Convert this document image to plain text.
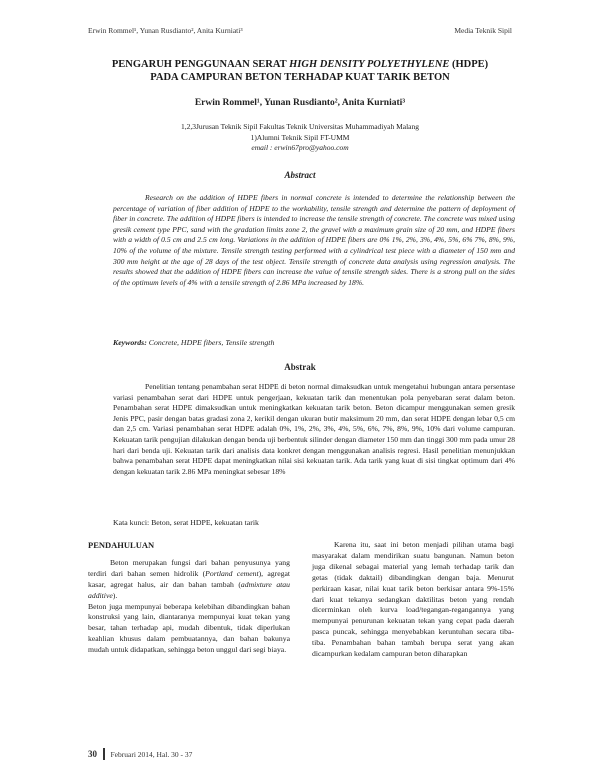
Erwin Rommel¹, Yunan Rusdianto², Anita Kurniati³	Media Teknik Sipil
PENGARUH PENGGUNAAN SERAT HIGH DENSITY POLYETHYLENE (HDPE)
PADA CAMPURAN BETON TERHADAP KUAT TARIK BETON
Erwin Rommel¹, Yunan Rusdianto², Anita Kurniati³
1,2,3Jurusan Teknik Sipil Fakultas Teknik Universitas Muhammadiyah Malang
1)Alumni Teknik Sipil FT-UMM
email : erwin67pro@yahoo.com
Abstract

Research on the addition of HDPE fibers in normal concrete is intended to determine the relationship between the percentage of variation of fiber addition of HDPE to the workability, tensile strength and determine the pattern of deployment of fiber in concrete. The addition of HDPE fibers is intended to increase the tensile strength of concrete. The concrete was mixed using gresik cement type PPC, sand with the gradation limits zone 2, the gravel with a maximum grain size of 20 mm, and HDPE fibers with a width of 0.5 cm and 2.5 cm long. Variations in the addition of HDPE fibers are 0% 1%, 2%, 3%, 4%, 5%, 6% 7%, 8%, 9%, 10% of the volume of the mixture. Tensile strength testing performed with a cylindrical test piece with a diameter of 150 mm and 300 mm height at the age of 28 days of the test object. Tensile strength of concrete data analysis using regression analysis. The results showed that the addition of HDPE fibers can increase the value of tensile strength sides. There is a strong pull on the sides of the optimum levels of 4% with a tensile strength of 2.86 MPa increased by 18%.

Keywords: Concrete, HDPE fibers, Tensile strength
Abstrak

Penelitian tentang penambahan serat HDPE di beton normal dimaksudkan untuk mengetahui hubungan antara persentase variasi penambahan serat dari HDPE untuk pengerjaan, kekuatan tarik dan menentukan pola penyebaran serat dalam beton. Penambahan serat HDPE dimaksudkan untuk meningkatkan kekuatan tarik beton. Beton dicampur menggunakan semen gresik Jenis PPC, pasir dengan batas gradasi zona 2, kerikil dengan ukuran butir maksimum 20 mm, dan serat HDPE dengan lebar 0,5 cm dan 2,5 cm. Variasi penambahan serat HDPE adalah 0%, 1%, 2%, 3%, 4%, 5%, 6%, 7%, 8%, 9%, 10% dari volume campuran. Kekuatan tarik pengujian dilakukan dengan benda uji berbentuk silinder dengan diameter 150 mm dan tinggi 300 mm pada umur 28 hari dari benda uji. Kekuatan tarik dari analisis data konkret dengan menggunakan analisis regresi. Hasil penelitian menunjukkan bahwa penambahan serat HDPE dapat meningkatkan nilai sisi kekuatan tarik. Ada tarik yang kuat di sisi tingkat optimum dari 4% dengan kekuatan tarik 2.86 MPa meningkat sebesar 18%

Kata kunci: Beton, serat HDPE, kekuatan tarik
PENDAHULUAN

Beton merupakan fungsi dari bahan penyusunya yang terdiri dari bahan semen hidrolik (Portland cement), agregat kasar, agregat halus, air dan bahan tambah (admixture atau additive).

Beton juga mempunyai beberapa kelebihan dibandingkan bahan konstruksi yang lain, diantaranya mempunyai kuat tekan yang besar, tahan terhadap api, mudah dibentuk, tidak diperlukan keahlian khusus dalam pembuatannya, dan bahan bakunya mudah untuk didapatkan, sehingga beton unggul dari segi biaya.

Karena itu, saat ini beton menjadi pilihan utama bagi masyarakat dalam mendirikan suatu bangunan. Namun beton juga dikenal sebagai material yang lemah terhadap tarik dan getas (tidak daktail) dibandingkan dengan baja. Menurut perkiraan kasar, nilai kuat tarik beton berkisar antara 9%-15% dari kuat tekanya sedangkan daktilitas beton yang rendah dicerminkan oleh kurva load/tegangan-regangannya yang mempunyai penurunan kekuatan tekan yang cepat pada daerah pasca puncak, sehingga menyebabkan keruntuhan secara tiba-tiba. Penambahan bahan tambah berupa serat yang akan dicampurkan kedalam campuran beton diharapkan

30 Februari 2014, Hal. 30 - 37
